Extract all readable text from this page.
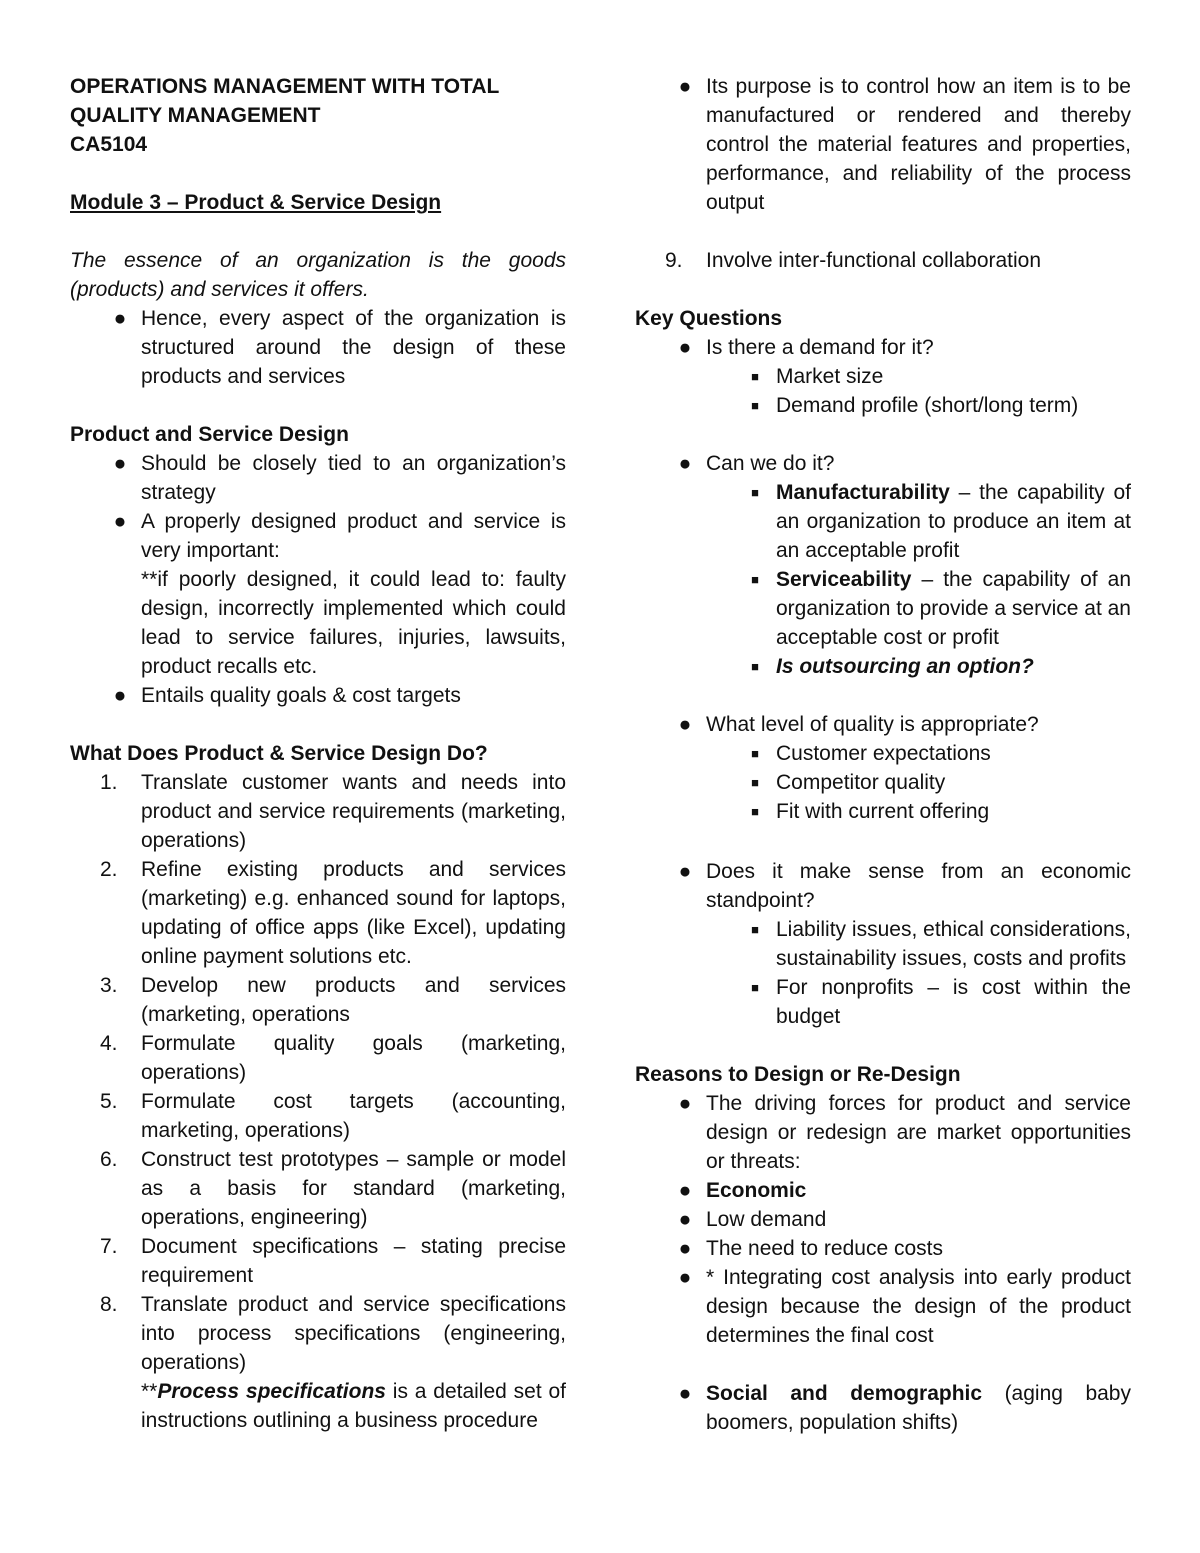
OPERATIONS MANAGEMENT WITH TOTAL

QUALITY MANAGEMENT

CA5104

Module 3 – Product & Service Design

The essence of an organization is the goods (products) and services it offers.

● Hence, every aspect of the organization is structured around the design of these products and services

Product and Service Design

● Should be closely tied to an organization’s strategy
● A properly designed product and service is very important:

**if poorly designed, it could lead to: faulty design, incorrectly implemented which could lead to service failures, injuries, lawsuits, product recalls etc.

● Entails quality goals & cost targets

What Does Product & Service Design Do?

1.	Translate customer wants and needs into product and service requirements (marketing, operations)
2.	Refine existing products and services (marketing) e.g. enhanced sound for laptops, updating of office apps (like Excel), updating online payment solutions etc.
3.	Develop new products and services (marketing, operations
4.	Formulate quality goals (marketing, operations)
5.	Formulate cost targets (accounting, marketing, operations)
6.	Construct test prototypes – sample or model as a basis for standard (marketing, operations, engineering)
7.	Document specifications – stating precise requirement
8.	Translate product and service specifications into process specifications (engineering, operations)

**Process specifications is a detailed set of instructions outlining a business procedure

● Its purpose is to control how an item is to be manufactured or rendered and thereby control the material features and properties, performance, and reliability of the process output
9.	Involve inter-functional collaboration

Key Questions

● Is there a demand for it?
■ Market size
■ Demand profile (short/long term)
● Can we do it?
■ Manufacturability – the capability of an organization to produce an item at an acceptable profit
■ Serviceability – the capability of an organization to provide a service at an acceptable cost or profit
■ Is outsourcing an option?
● What level of quality is appropriate?
■ Customer expectations
■ Competitor quality
■ Fit with current offering
● Does it make sense from an economic standpoint?
■ Liability issues, ethical considerations, sustainability issues, costs and profits
■ For nonprofits – is cost within the budget

Reasons to Design or Re-Design

● The driving forces for product and service design or redesign are market opportunities or threats:
● Economic
● Low demand
● The need to reduce costs
● * Integrating cost analysis into early product design because the design of the product determines the final cost
● Social and demographic (aging baby boomers, population shifts)
